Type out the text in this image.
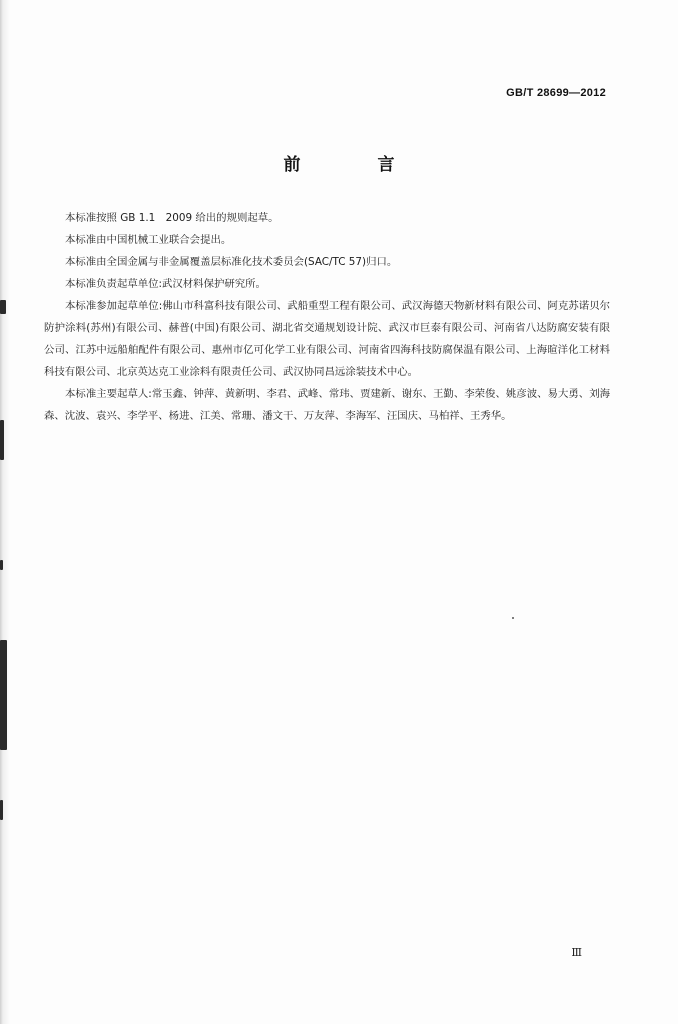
GB/T 28699—2012
前　言

本标准按照 GB 1.1　2009 给出的规则起草。

本标准由中国机械工业联合会提出。

本标准由全国金属与非金属覆盖层标准化技术委员会(SAC/TC 57)归口。

本标准负责起草单位:武汉材料保护研究所。

本标准参加起草单位:佛山市科富科技有限公司、武船重型工程有限公司、武汉海德天物新材料有限公司、阿克苏诺贝尔防护涂料(苏州)有限公司、赫普(中国)有限公司、湖北省交通规划设计院、武汉市巨泰有限公司、河南省八达防腐安装有限公司、江苏中远船舶配件有限公司、惠州市亿可化学工业有限公司、河南省四海科技防腐保温有限公司、上海暄洋化工材料科技有限公司、北京英达克工业涂料有限责任公司、武汉协同昌远涂装技术中心。

本标准主要起草人:常玉鑫、钟萍、黄新明、李君、武峰、常玮、贾建新、谢东、王勤、李荣俊、姚彦波、易大勇、刘海森、沈波、袁兴、李学平、杨进、江美、常珊、潘文干、万友萍、李海军、汪国庆、马柏祥、王秀华。

Ⅲ
